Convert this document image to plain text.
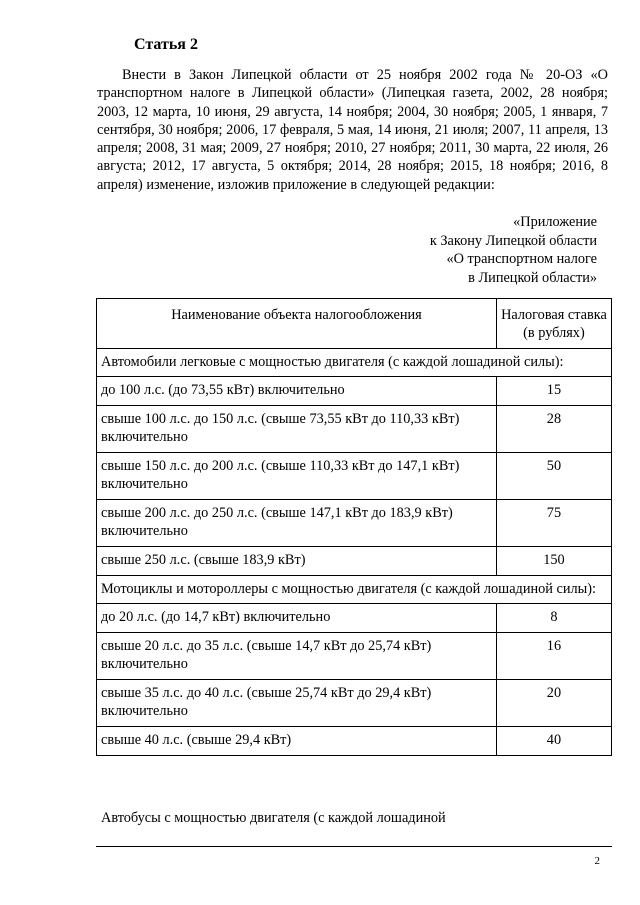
Статья 2
Внести в Закон Липецкой области от 25 ноября 2002 года № 20-ОЗ «О транспортном налоге в Липецкой области» (Липецкая газета, 2002, 28 ноября; 2003, 12 марта, 10 июня, 29 августа, 14 ноября; 2004, 30 ноября; 2005, 1 января, 7 сентября, 30 ноября; 2006, 17 февраля, 5 мая, 14 июня, 21 июля; 2007, 11 апреля, 13 апреля; 2008, 31 мая; 2009, 27 ноября; 2010, 27 ноября; 2011, 30 марта, 22 июля, 26 августа; 2012, 17 августа, 5 октября; 2014, 28 ноября; 2015, 18 ноября; 2016, 8 апреля) изменение, изложив приложение в следующей редакции:
«Приложение
к Закону Липецкой области
«О транспортном налоге
в Липецкой области»
Наименование объекта налогообложения	Налоговая ставка (в рублях)
Автомобили легковые с мощностью двигателя (с каждой лошадиной силы):	
до 100 л.с. (до 73,55 кВт) включительно	15
свыше 100 л.с. до 150 л.с. (свыше 73,55 кВт до 110,33 кВт) включительно	28
свыше 150 л.с. до 200 л.с. (свыше 110,33 кВт до 147,1 кВт) включительно	50
свыше 200 л.с. до 250 л.с. (свыше 147,1 кВт до 183,9 кВт) включительно	75
свыше 250 л.с. (свыше 183,9 кВт)	150
Мотоциклы и мотороллеры с мощностью двигателя (с каждой лошадиной силы):	
до 20 л.с. (до 14,7 кВт) включительно	8
свыше 20 л.с. до 35 л.с. (свыше 14,7 кВт до 25,74 кВт) включительно	16
свыше 35 л.с. до 40 л.с. (свыше 25,74 кВт до 29,4 кВт) включительно	20
свыше 40 л.с. (свыше 29,4 кВт)	40
Автобусы с мощностью двигателя (с каждой лошадиной
2
